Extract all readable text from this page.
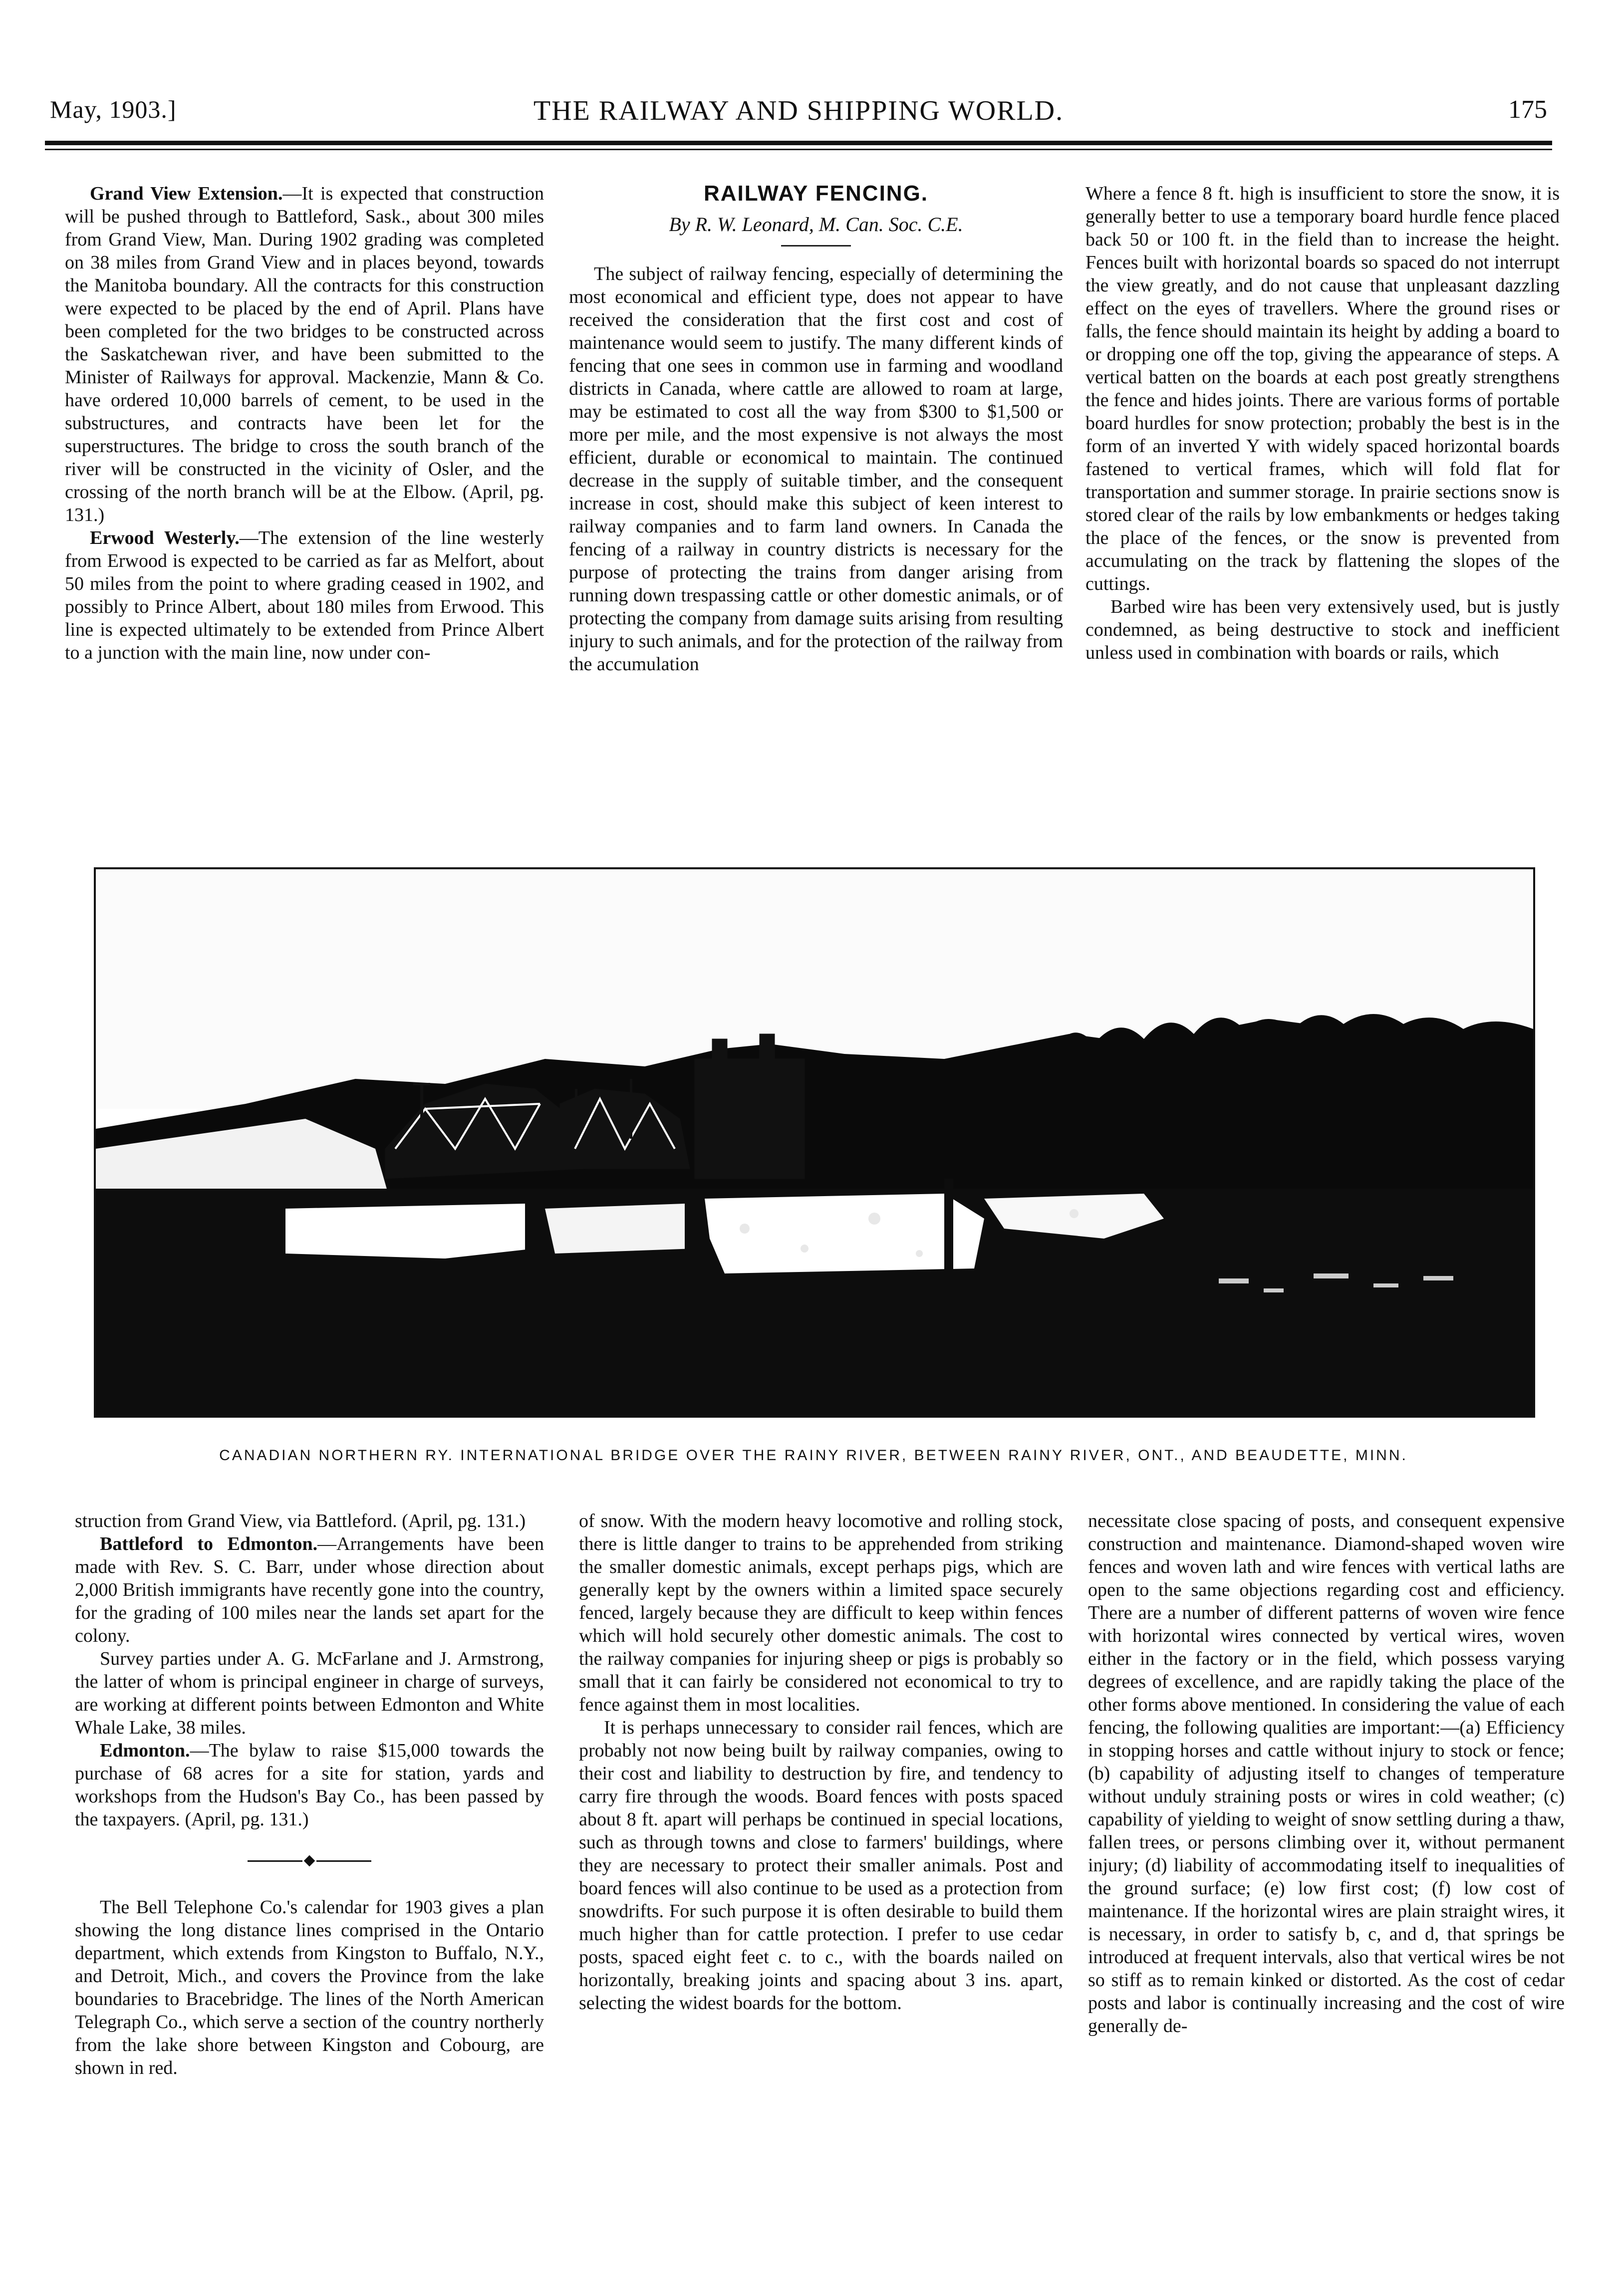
THE RAILWAY AND SHIPPING WORLD.
May, 1903.]	175

Grand View Extension.—It is expected that construction will be pushed through to Battleford, Sask., about 300 miles from Grand View, Man. During 1902 grading was completed on 38 miles from Grand View and in places beyond, towards the Manitoba boundary. All the contracts for this construction were expected to be placed by the end of April. Plans have been completed for the two bridges to be constructed across the Saskatchewan river, and have been submitted to the Minister of Railways for approval. Mackenzie, Mann & Co. have ordered 10,000 barrels of cement, to be used in the substructures, and contracts have been let for the superstructures. The bridge to cross the south branch of the river will be constructed in the vicinity of Osler, and the crossing of the north branch will be at the Elbow. (April, pg. 131.)

Erwood Westerly.—The extension of the line westerly from Erwood is expected to be carried as far as Melfort, about 50 miles from the point to where grading ceased in 1902, and possibly to Prince Albert, about 180 miles from Erwood. This line is expected ultimately to be extended from Prince Albert to a junction with the main line, now under con-

RAILWAY FENCING.
By R. W. Leonard, M. Can. Soc. C.E.

The subject of railway fencing, especially of determining the most economical and efficient type, does not appear to have received the consideration that the first cost and cost of maintenance would seem to justify. The many different kinds of fencing that one sees in common use in farming and woodland districts in Canada, where cattle are allowed to roam at large, may be estimated to cost all the way from $300 to $1,500 or more per mile, and the most expensive is not always the most efficient, durable or economical to maintain. The continued decrease in the supply of suitable timber, and the consequent increase in cost, should make this subject of keen interest to railway companies and to farm land owners. In Canada the fencing of a railway in country districts is necessary for the purpose of protecting the trains from danger arising from running down trespassing cattle or other domestic animals, or of protecting the company from damage suits arising from resulting injury to such animals, and for the protection of the railway from the accumulation

Where a fence 8 ft. high is insufficient to store the snow, it is generally better to use a temporary board hurdle fence placed back 50 or 100 ft. in the field than to increase the height. Fences built with horizontal boards so spaced do not interrupt the view greatly, and do not cause that unpleasant dazzling effect on the eyes of travellers. Where the ground rises or falls, the fence should maintain its height by adding a board to or dropping one off the top, giving the appearance of steps. A vertical batten on the boards at each post greatly strengthens the fence and hides joints. There are various forms of portable board hurdles for snow protection; probably the best is in the form of an inverted Y with widely spaced horizontal boards fastened to vertical frames, which will fold flat for transportation and summer storage. In prairie sections snow is stored clear of the rails by low embankments or hedges taking the place of the fences, or the snow is prevented from accumulating on the track by flattening the slopes of the cuttings.

Barbed wire has been very extensively used, but is justly condemned, as being destructive to stock and inefficient unless used in combination with boards or rails, which

CANADIAN NORTHERN RY. INTERNATIONAL BRIDGE OVER THE RAINY RIVER, BETWEEN RAINY RIVER, ONT., AND BEAUDETTE, MINN.

struction from Grand View, via Battleford. (April, pg. 131.)

Battleford to Edmonton.—Arrangements have been made with Rev. S. C. Barr, under whose direction about 2,000 British immigrants have recently gone into the country, for the grading of 100 miles near the lands set apart for the colony.

Survey parties under A. G. McFarlane and J. Armstrong, the latter of whom is principal engineer in charge of surveys, are working at different points between Edmonton and White Whale Lake, 38 miles.

Edmonton.—The bylaw to raise $15,000 towards the purchase of 68 acres for a site for station, yards and workshops from the Hudson's Bay Co., has been passed by the taxpayers. (April, pg. 131.)

The Bell Telephone Co.'s calendar for 1903 gives a plan showing the long distance lines comprised in the Ontario department, which extends from Kingston to Buffalo, N.Y., and Detroit, Mich., and covers the Province from the lake boundaries to Bracebridge. The lines of the North American Telegraph Co., which serve a section of the country northerly from the lake shore between Kingston and Cobourg, are shown in red.

of snow. With the modern heavy locomotive and rolling stock, there is little danger to trains to be apprehended from striking the smaller domestic animals, except perhaps pigs, which are generally kept by the owners within a limited space securely fenced, largely because they are difficult to keep within fences which will hold securely other domestic animals. The cost to the railway companies for injuring sheep or pigs is probably so small that it can fairly be considered not economical to try to fence against them in most localities.

It is perhaps unnecessary to consider rail fences, which are probably not now being built by railway companies, owing to their cost and liability to destruction by fire, and tendency to carry fire through the woods. Board fences with posts spaced about 8 ft. apart will perhaps be continued in special locations, such as through towns and close to farmers' buildings, where they are necessary to protect their smaller animals. Post and board fences will also continue to be used as a protection from snowdrifts. For such purpose it is often desirable to build them much higher than for cattle protection. I prefer to use cedar posts, spaced eight feet c. to c., with the boards nailed on horizontally, breaking joints and spacing about 3 ins. apart, selecting the widest boards for the bottom.

necessitate close spacing of posts, and consequent expensive construction and maintenance. Diamond-shaped woven wire fences and woven lath and wire fences with vertical laths are open to the same objections regarding cost and efficiency. There are a number of different patterns of woven wire fence with horizontal wires connected by vertical wires, woven either in the factory or in the field, which possess varying degrees of excellence, and are rapidly taking the place of the other forms above mentioned. In considering the value of each fencing, the following qualities are important:—(a) Efficiency in stopping horses and cattle without injury to stock or fence; (b) capability of adjusting itself to changes of temperature without unduly straining posts or wires in cold weather; (c) capability of yielding to weight of snow settling during a thaw, fallen trees, or persons climbing over it, without permanent injury; (d) liability of accommodating itself to inequalities of the ground surface; (e) low first cost; (f) low cost of maintenance. If the horizontal wires are plain straight wires, it is necessary, in order to satisfy b, c, and d, that springs be introduced at frequent intervals, also that vertical wires be not so stiff as to remain kinked or distorted. As the cost of cedar posts and labor is continually increasing and the cost of wire generally de-
